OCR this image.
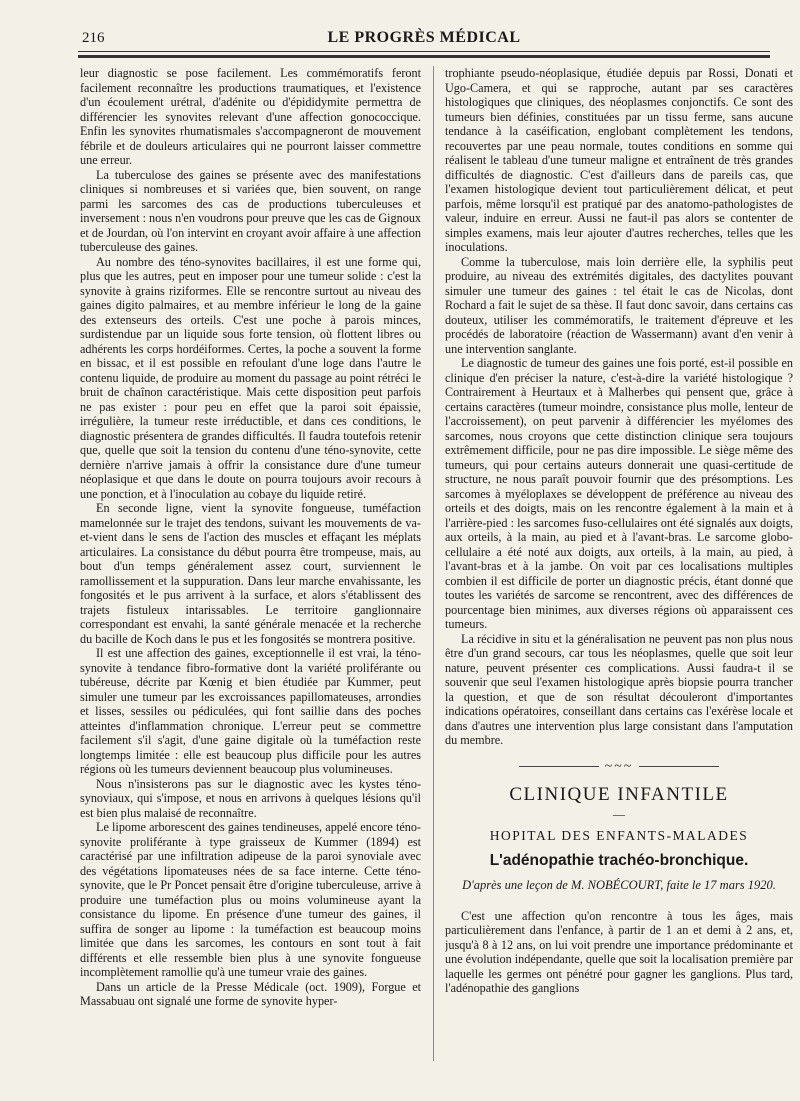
216	LE PROGRÈS MÉDICAL

leur diagnostic se pose facilement. Les commémoratifs feront facilement reconnaître les productions traumatiques, et l'existence d'un écoulement urétral, d'adénite ou d'épididymite permettra de différencier les synovites relevant d'une affection gonococcique. Enfin les synovites rhumatismales s'accompagneront de mouvement fébrile et de douleurs articulaires qui ne pourront laisser commettre une erreur.

La tuberculose des gaines se présente avec des manifestations cliniques si nombreuses et si variées que, bien souvent, on range parmi les sarcomes des cas de productions tuberculeuses et inversement : nous n'en voudrons pour preuve que les cas de Gignoux et de Jourdan, où l'on intervint en croyant avoir affaire à une affection tuberculeuse des gaines.

Au nombre des téno-synovites bacillaires, il est une forme qui, plus que les autres, peut en imposer pour une tumeur solide : c'est la synovite à grains riziformes. Elle se rencontre surtout au niveau des gaines digito palmaires, et au membre inférieur le long de la gaine des extenseurs des orteils. C'est une poche à parois minces, surdistendue par un liquide sous forte tension, où flottent libres ou adhérents les corps hordéiformes. Certes, la poche a souvent la forme en bissac, et il est possible en refoulant d'une loge dans l'autre le contenu liquide, de produire au moment du passage au point rétréci le bruit de chaînon caractéristique. Mais cette disposition peut parfois ne pas exister : pour peu en effet que la paroi soit épaissie, irrégulière, la tumeur reste irréductible, et dans ces conditions, le diagnostic présentera de grandes difficultés. Il faudra toutefois retenir que, quelle que soit la tension du contenu d'une téno-synovite, cette dernière n'arrive jamais à offrir la consistance dure d'une tumeur néoplasique et que dans le doute on pourra toujours avoir recours à une ponction, et à l'inoculation au cobaye du liquide retiré.

En seconde ligne, vient la synovite fongueuse, tuméfaction mamelonnée sur le trajet des tendons, suivant les mouvements de va-et-vient dans le sens de l'action des muscles et effaçant les méplats articulaires. La consistance du début pourra être trompeuse, mais, au bout d'un temps généralement assez court, surviennent le ramollissement et la suppuration. Dans leur marche envahissante, les fongosités et le pus arrivent à la surface, et alors s'établissent des trajets fistuleux intarissables. Le territoire ganglionnaire correspondant est envahi, la santé générale menacée et la recherche du bacille de Koch dans le pus et les fongosités se montrera positive.

Il est une affection des gaines, exceptionnelle il est vrai, la téno-synovite à tendance fibro-formative dont la variété proliférante ou tubéreuse, décrite par Kœnig et bien étudiée par Kummer, peut simuler une tumeur par les excroissances papillomateuses, arrondies et lisses, sessiles ou pédiculées, qui font saillie dans des poches atteintes d'inflammation chronique. L'erreur peut se commettre facilement s'il s'agit, d'une gaine digitale où la tuméfaction reste longtemps limitée : elle est beaucoup plus difficile pour les autres régions où les tumeurs deviennent beaucoup plus volumineuses.

Nous n'insisterons pas sur le diagnostic avec les kystes téno-synoviaux, qui s'impose, et nous en arrivons à quelques lésions qu'il est bien plus malaisé de reconnaître.

Le lipome arborescent des gaines tendineuses, appelé encore téno-synovite proliférante à type graisseux de Kummer (1894) est caractérisé par une infiltration adipeuse de la paroi synoviale avec des végétations lipomateuses nées de sa face interne. Cette téno-synovite, que le Pr Poncet pensait être d'origine tuberculeuse, arrive à produire une tuméfaction plus ou moins volumineuse ayant la consistance du lipome. En présence d'une tumeur des gaines, il suffira de songer au lipome : la tuméfaction est beaucoup moins limitée que dans les sarcomes, les contours en sont tout à fait différents et elle ressemble bien plus à une synovite fongueuse incomplètement ramollie qu'à une tumeur vraie des gaines.

Dans un article de la Presse Médicale (oct. 1909), Forgue et Massabuau ont signalé une forme de synovite hyper-

trophiante pseudo-néoplasique, étudiée depuis par Rossi, Donati et Ugo-Camera, et qui se rapproche, autant par ses caractères histologiques que cliniques, des néoplasmes conjonctifs. Ce sont des tumeurs bien définies, constituées par un tissu ferme, sans aucune tendance à la caséification, englobant complètement les tendons, recouvertes par une peau normale, toutes conditions en somme qui réalisent le tableau d'une tumeur maligne et entraînent de très grandes difficultés de diagnostic. C'est d'ailleurs dans de pareils cas, que l'examen histologique devient tout particulièrement délicat, et peut parfois, même lorsqu'il est pratiqué par des anatomo-pathologistes de valeur, induire en erreur. Aussi ne faut-il pas alors se contenter de simples examens, mais leur ajouter d'autres recherches, telles que les inoculations.

Comme la tuberculose, mais loin derrière elle, la syphilis peut produire, au niveau des extrémités digitales, des dactylites pouvant simuler une tumeur des gaines : tel était le cas de Nicolas, dont Rochard a fait le sujet de sa thèse. Il faut donc savoir, dans certains cas douteux, utiliser les commémoratifs, le traitement d'épreuve et les procédés de laboratoire (réaction de Wassermann) avant d'en venir à une intervention sanglante.

Le diagnostic de tumeur des gaines une fois porté, est-il possible en clinique d'en préciser la nature, c'est-à-dire la variété histologique ? Contrairement à Heurtaux et à Malherbes qui pensent que, grâce à certains caractères (tumeur moindre, consistance plus molle, lenteur de l'accroissement), on peut parvenir à différencier les myélomes des sarcomes, nous croyons que cette distinction clinique sera toujours extrêmement difficile, pour ne pas dire impossible. Le siège même des tumeurs, qui pour certains auteurs donnerait une quasi-certitude de structure, ne nous paraît pouvoir fournir que des présomptions. Les sarcomes à myéloplaxes se développent de préférence au niveau des orteils et des doigts, mais on les rencontre également à la main et à l'arrière-pied : les sarcomes fuso-cellulaires ont été signalés aux doigts, aux orteils, à la main, au pied et à l'avant-bras. Le sarcome globo-cellulaire a été noté aux doigts, aux orteils, à la main, au pied, à l'avant-bras et à la jambe. On voit par ces localisations multiples combien il est difficile de porter un diagnostic précis, étant donné que toutes les variétés de sarcome se rencontrent, avec des différences de pourcentage bien minimes, aux diverses régions où apparaissent ces tumeurs.

La récidive in situ et la généralisation ne peuvent pas non plus nous être d'un grand secours, car tous les néoplasmes, quelle que soit leur nature, peuvent présenter ces complications. Aussi faudra-t il se souvenir que seul l'examen histologique après biopsie pourra trancher la question, et que de son résultat découleront d'importantes indications opératoires, conseillant dans certains cas l'exérèse locale et dans d'autres une intervention plus large consistant dans l'amputation du membre.

~~~
CLINIQUE INFANTILE
—
HOPITAL DES ENFANTS-MALADES
L'adénopathie trachéo-bronchique.
D'après une leçon de M. NOBÉCOURT, faite le 17 mars 1920.

C'est une affection qu'on rencontre à tous les âges, mais particulièrement dans l'enfance, à partir de 1 an et demi à 2 ans, et, jusqu'à 8 à 12 ans, on lui voit prendre une importance prédominante et une évolution indépendante, quelle que soit la localisation première par laquelle les germes ont pénétré pour gagner les ganglions. Plus tard, l'adénopathie des ganglions
